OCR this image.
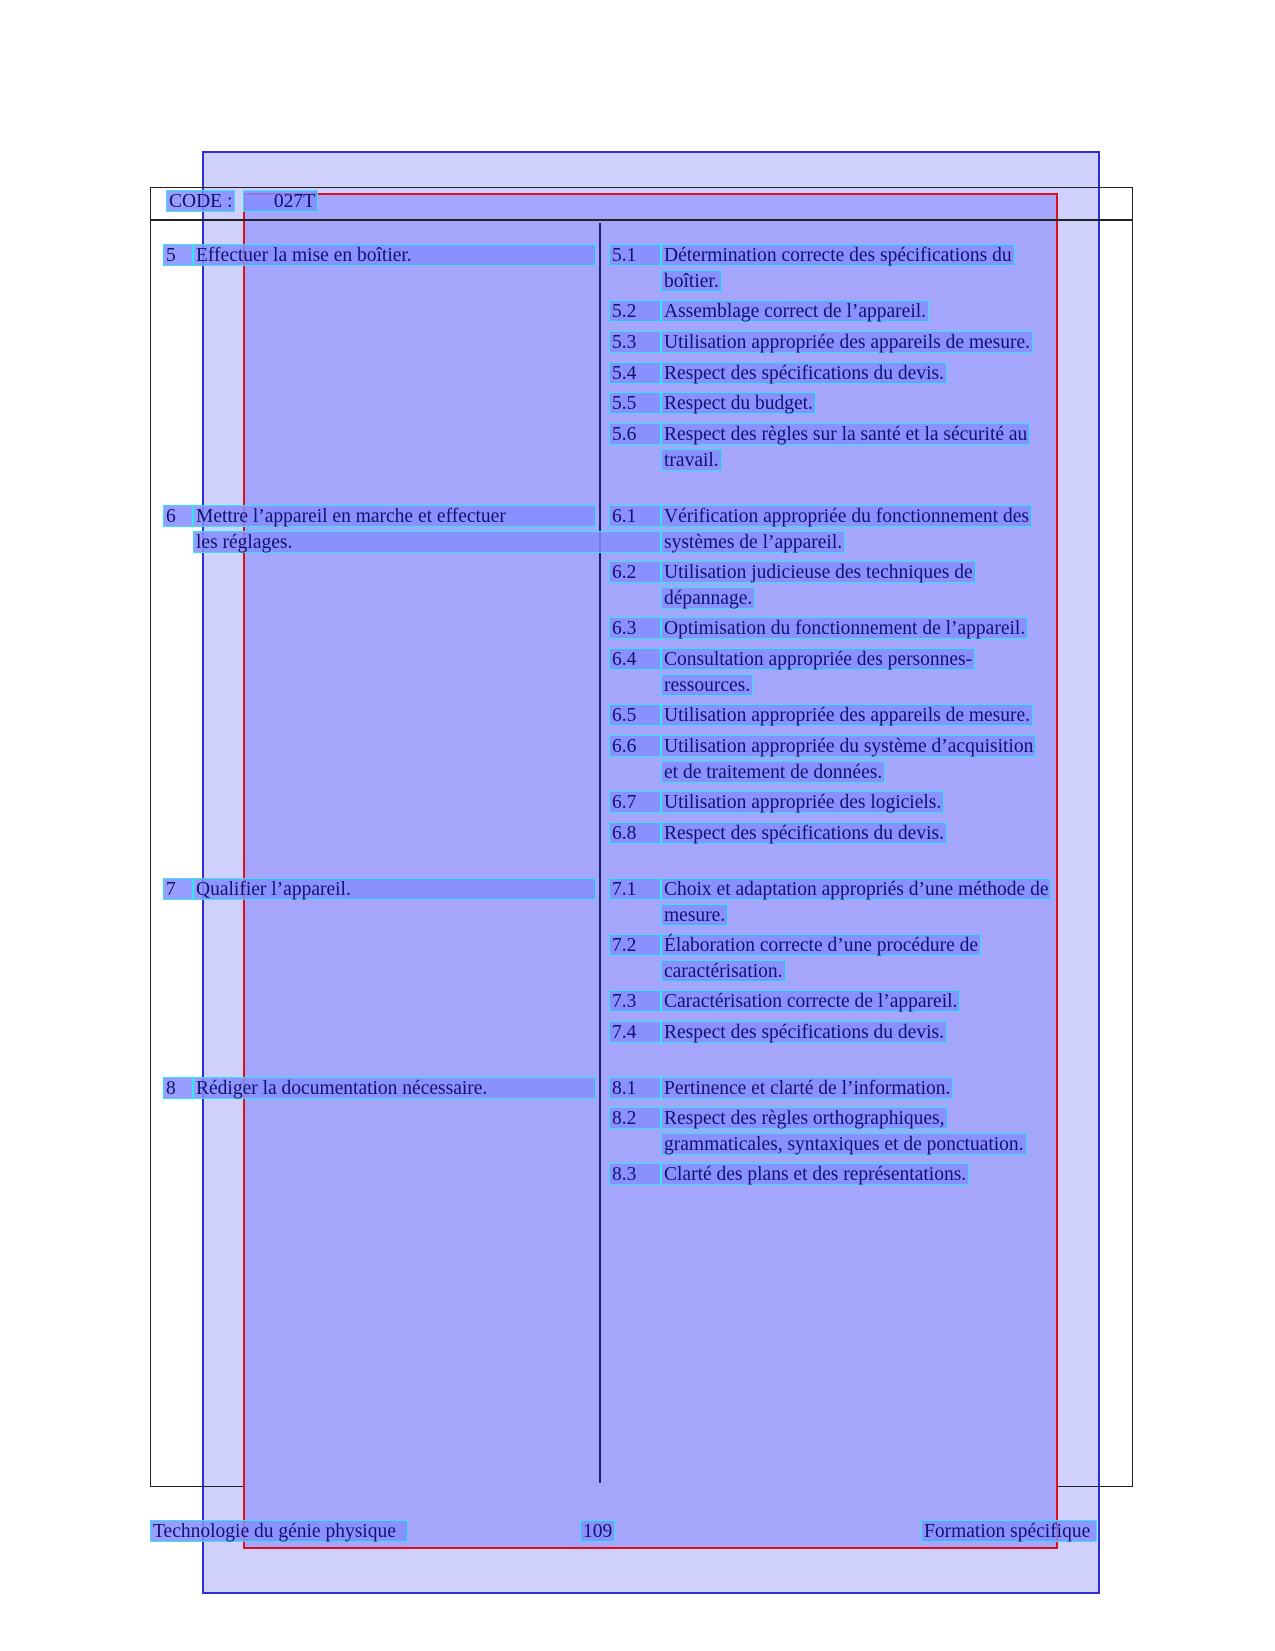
CODE :	027T
5	Effectuer la mise en boîtier.	5.1	Détermination correcte des spécifications du
boîtier.
5.2	Assemblage correct de l’appareil.
5.3	Utilisation appropriée des appareils de mesure.
5.4	Respect des spécifications du devis.
5.5	Respect du budget.
5.6	Respect des règles sur la santé et la sécurité au
travail.
6	Mettre l’appareil en marche et effectuer
les réglages.
6.1	Vérification appropriée du fonctionnement des
systèmes de l’appareil.
6.2	Utilisation judicieuse des techniques de
dépannage.
6.3	Optimisation du fonctionnement de l’appareil.
6.4	Consultation appropriée des personnes-
ressources.
6.5	Utilisation appropriée des appareils de mesure.
6.6	Utilisation appropriée du système d’acquisition
et de traitement de données.
6.7	Utilisation appropriée des logiciels.
6.8	Respect des spécifications du devis.
7	Qualifier l’appareil.	7.1	Choix et adaptation appropriés d’une méthode de
mesure.
7.2	Élaboration correcte d’une procédure de
caractérisation.
7.3	Caractérisation correcte de l’appareil.
7.4	Respect des spécifications du devis.
8	Rédiger la documentation nécessaire.	8.1	Pertinence et clarté de l’information.
8.2	Respect des règles orthographiques,
grammaticales, syntaxiques et de ponctuation.
8.3	Clarté des plans et des représentations.
Technologie du génie physique	109	Formation spécifique
